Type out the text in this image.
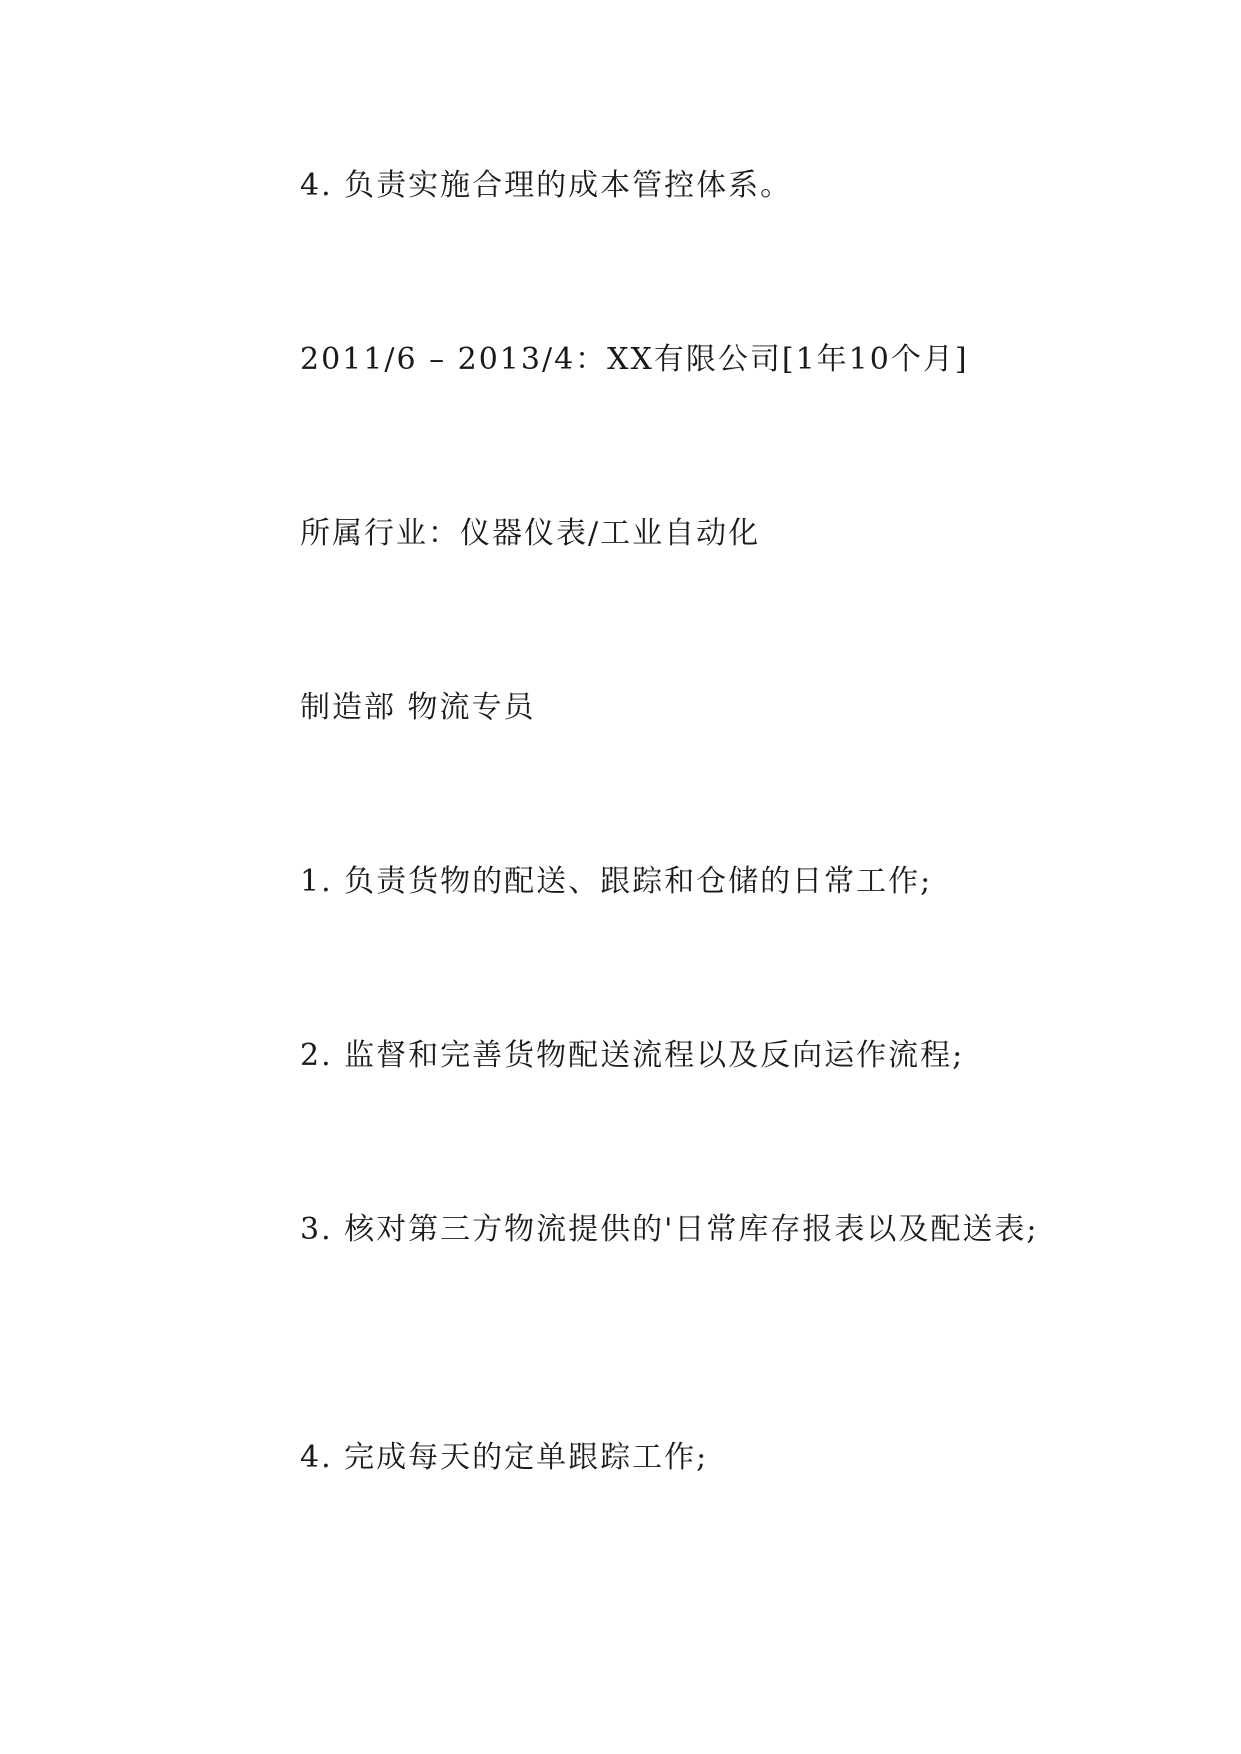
4. 负责实施合理的成本管控体系。

2011/6 – 2013/4：XX有限公司[1年10个月]

所属行业：仪器仪表/工业自动化

制造部 物流专员

1. 负责货物的配送、跟踪和仓储的日常工作;

2. 监督和完善货物配送流程以及反向运作流程;

3. 核对第三方物流提供的'日常库存报表以及配送表;

4. 完成每天的定单跟踪工作;
